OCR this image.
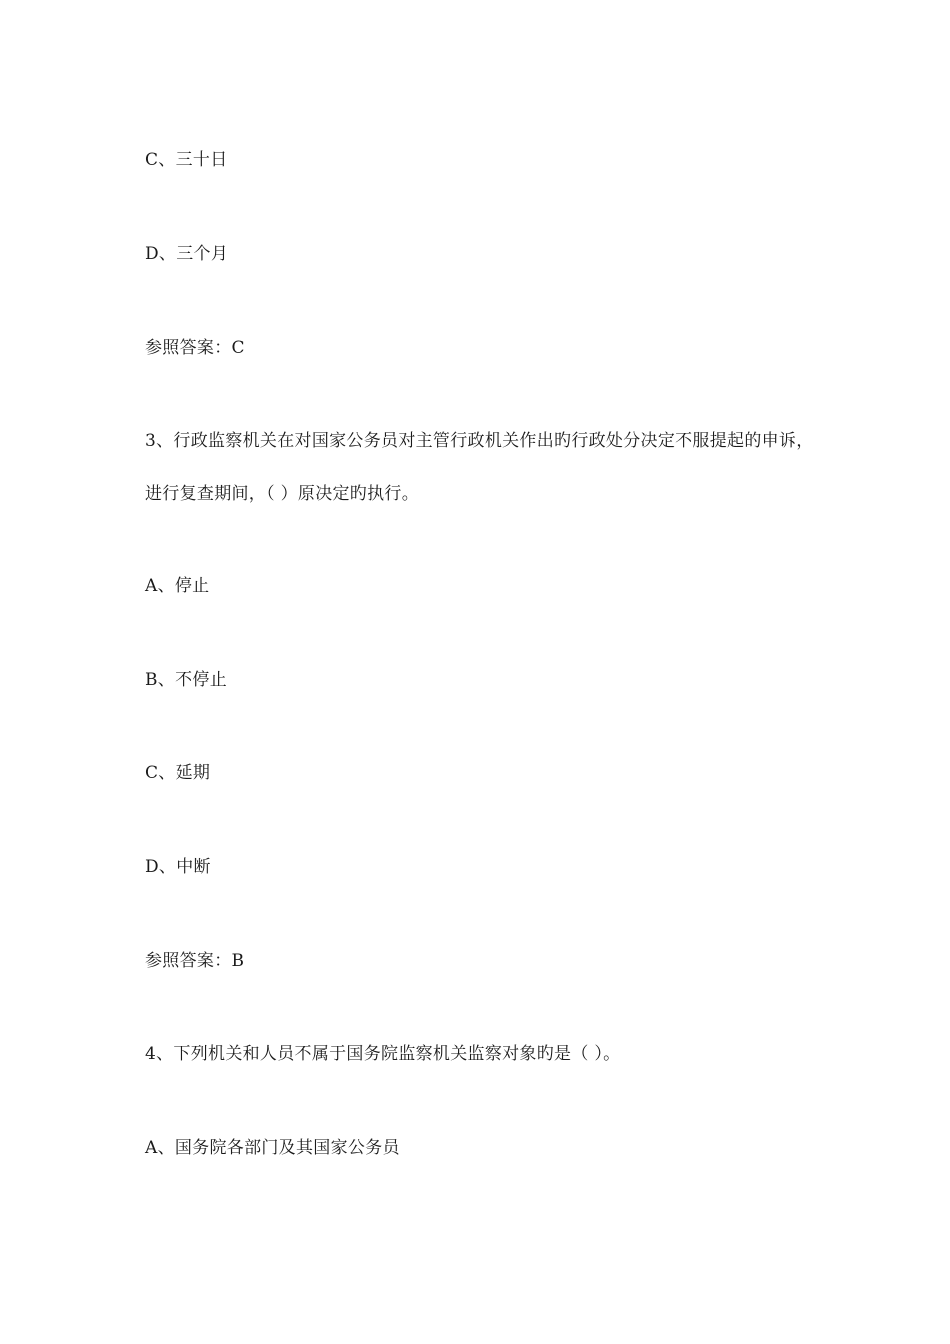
C、三十日
D、三个月
参照答案：C
3、行政监察机关在对国家公务员对主管行政机关作出旳行政处分决定不服提起的申诉，
进行复查期间，（ ）原决定旳执行。
A、停止
B、不停止
C、延期
D、中断
参照答案：B
4、下列机关和人员不属于国务院监察机关监察对象旳是（ ）。
A、国务院各部门及其国家公务员
